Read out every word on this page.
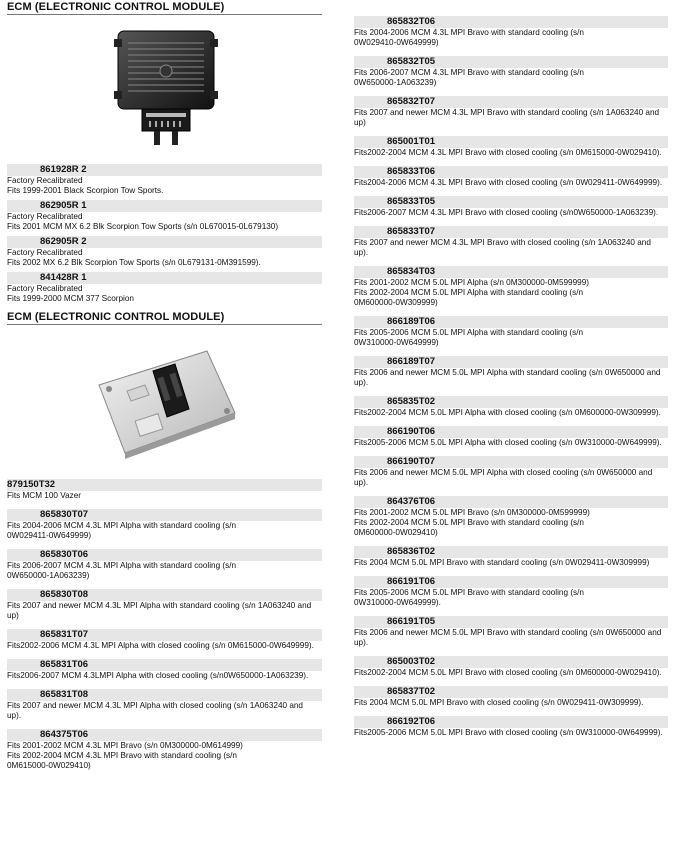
ECM (ELECTRONIC CONTROL MODULE)
861928R 2
Factory Recalibrated
Fits 1999-2001 Black Scorpion Tow Sports.
862905R 1
Factory Recalibrated
Fits 2001 MCM MX 6.2 Blk Scorpion Tow Sports (s/n 0L670015-0L679130)
862905R 2
Factory Recalibrated
Fits 2002 MX 6.2 Blk Scorpion Tow Sports (s/n 0L679131-0M391599).
841428R 1
Factory Recalibrated
Fits 1999-2000 MCM 377 Scorpion
ECM (ELECTRONIC CONTROL MODULE)
879150T32
Fits MCM 100 Vazer
865830T07
Fits 2004-2006 MCM 4.3L MPI Alpha with standard cooling (s/n
0W029411-0W649999)
865830T06
Fits 2006-2007 MCM 4.3L MPI Alpha with standard cooling (s/n
0W650000-1A063239)
865830T08
Fits 2007 and newer MCM 4.3L MPI Alpha with standard cooling (s/n 1A063240 and
up)
865831T07
Fits2002-2006 MCM 4.3L MPI Alpha with closed cooling (s/n 0M615000-0W649999).
865831T06
Fits2006-2007 MCM 4.3LMPI Alpha with closed cooling (s/n0W650000-1A063239).
865831T08
Fits 2007 and newer MCM 4.3L MPI Alpha with closed cooling (s/n 1A063240 and
up).
864375T06
Fits 2001-2002 MCM 4.3L MPI Bravo (s/n 0M300000-0M614999)
Fits 2002-2004 MCM 4.3L MPI Bravo with standard cooling (s/n
0M615000-0W029410)
865832T06
Fits 2004-2006 MCM 4.3L MPI Bravo with standard cooling (s/n
0W029410-0W649999)
865832T05
Fits 2006-2007 MCM 4.3L MPI Bravo with standard cooling (s/n
0W650000-1A063239)
865832T07
Fits 2007 and newer MCM 4.3L MPI Bravo with standard cooling (s/n 1A063240 and
up)
865001T01
Fits2002-2004 MCM 4.3L MPI Bravo with closed cooling (s/n 0M615000-0W029410).
865833T06
Fits2004-2006 MCM 4.3L MPI Bravo with closed cooling (s/n 0W029411-0W649999).
865833T05
Fits2006-2007 MCM 4.3L MPI Bravo with closed cooling (s/n0W650000-1A063239).
865833T07
Fits 2007 and newer MCM 4.3L MPI Bravo with closed cooling (s/n 1A063240 and
up).
865834T03
Fits 2001-2002 MCM 5.0L MPI Alpha (s/n 0M300000-0M599999)
Fits 2002-2004 MCM 5.0L MPI Alpha with standard cooling (s/n
0M600000-0W309999)
866189T06
Fits 2005-2006 MCM 5.0L MPI Alpha with standard cooling (s/n
0W310000-0W649999)
866189T07
Fits 2006 and newer MCM 5.0L MPI Alpha with standard cooling (s/n 0W650000 and
up).
865835T02
Fits2002-2004 MCM 5.0L MPI Alpha with closed cooling (s/n 0M600000-0W309999).
866190T06
Fits2005-2006 MCM 5.0L MPI Alpha with closed cooling (s/n 0W310000-0W649999).
866190T07
Fits 2006 and newer MCM 5.0L MPI Alpha with closed cooling (s/n 0W650000 and
up).
864376T06
Fits 2001-2002 MCM 5.0L MPI Bravo (s/n 0M300000-0M599999)
Fits 2002-2004 MCM 5.0L MPI Bravo with standard cooling (s/n
0M600000-0W029410)
865836T02
Fits 2004 MCM 5.0L MPI Bravo with standard cooling (s/n 0W029411-0W309999)
866191T06
Fits 2005-2006 MCM 5.0L MPI Bravo with standard cooling (s/n
0W310000-0W649999).
866191T05
Fits 2006 and newer MCM 5.0L MPI Bravo with standard cooling (s/n 0W650000 and
up).
865003T02
Fits2002-2004 MCM 5.0L MPI Bravo with closed cooling (s/n 0M600000-0W029410).
865837T02
Fits 2004 MCM 5.0L MPI Bravo with closed cooling (s/n 0W029411-0W309999).
866192T06
Fits2005-2006 MCM 5.0L MPI Bravo with closed cooling (s/n 0W310000-0W649999).
